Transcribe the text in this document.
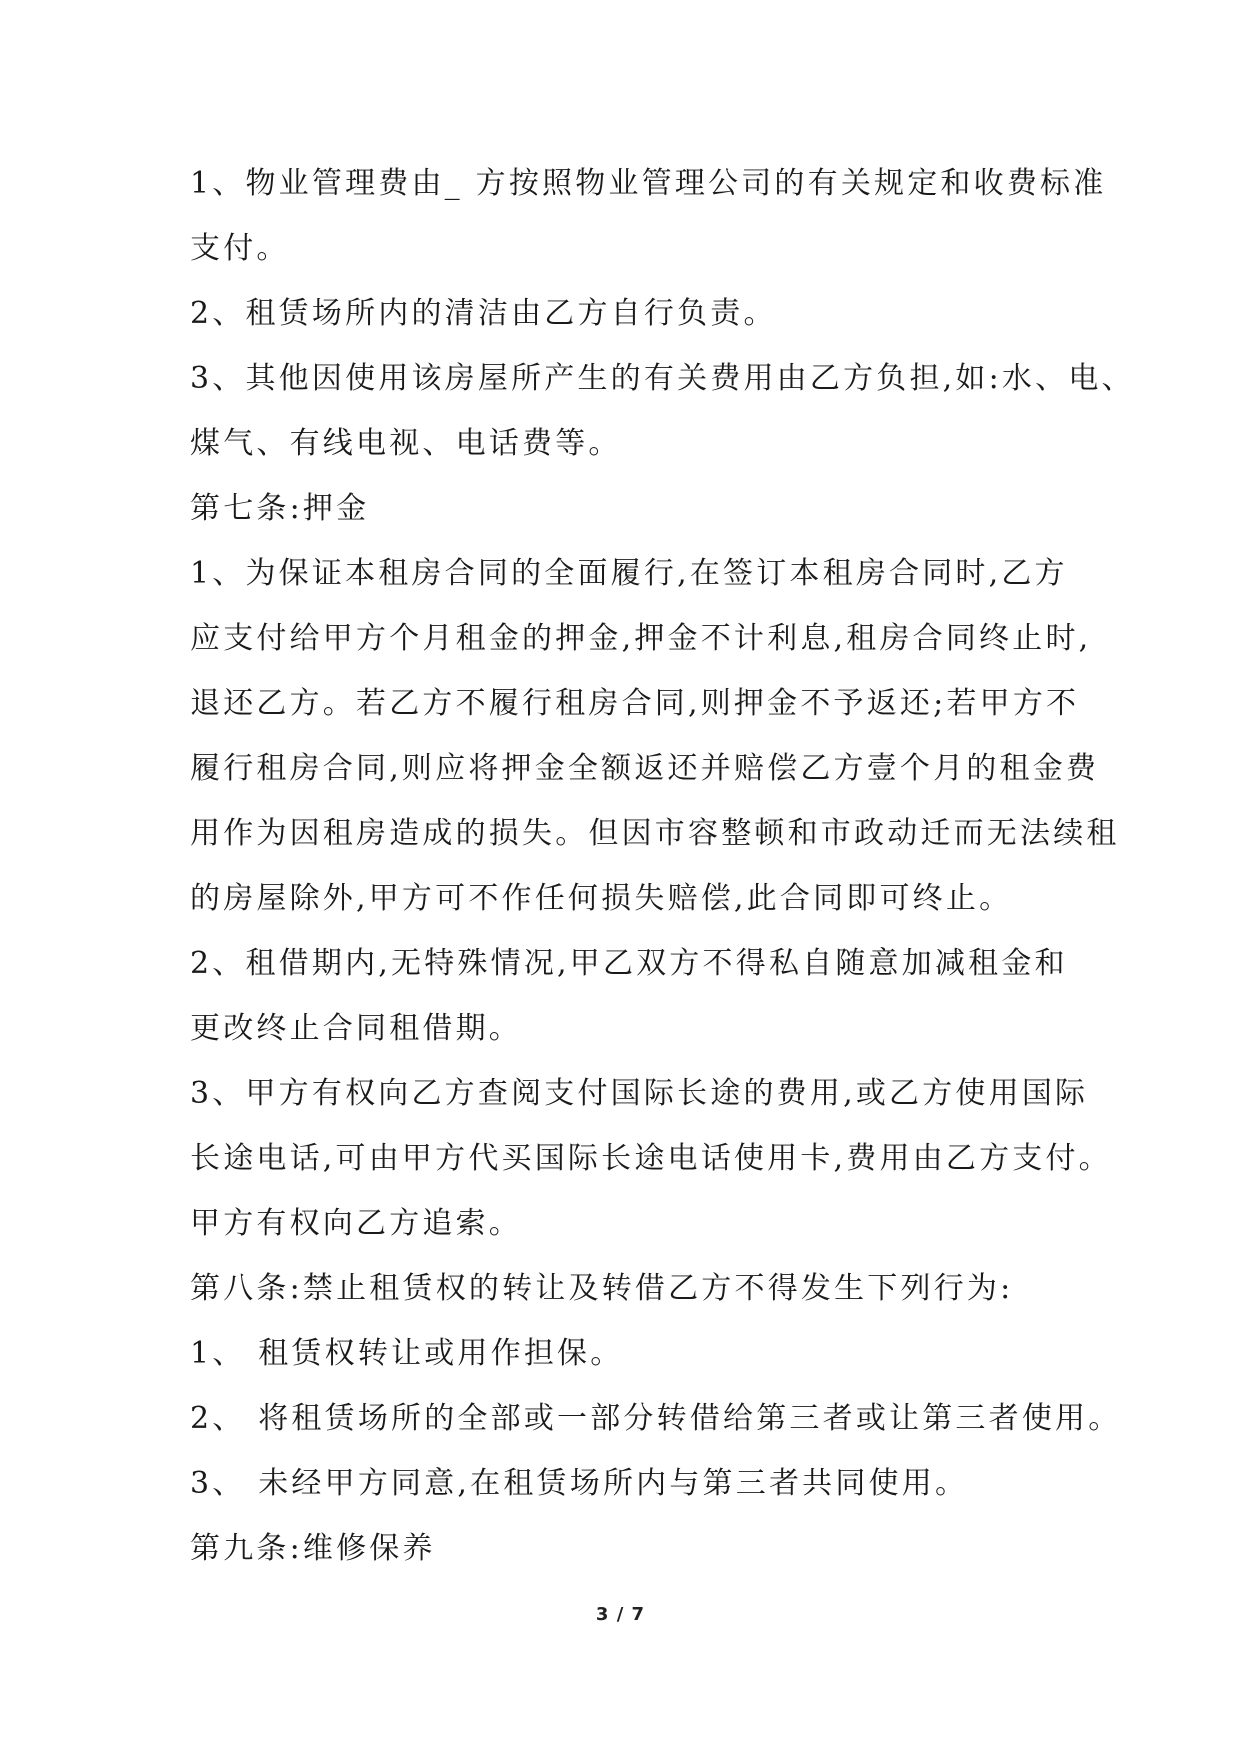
1、物业管理费由_ 方按照物业管理公司的有关规定和收费标准
支付。
2、租赁场所内的清洁由乙方自行负责。
3、其他因使用该房屋所产生的有关费用由乙方负担,如:水、电、
煤气、有线电视、电话费等。
第七条:押金
1、为保证本租房合同的全面履行,在签订本租房合同时,乙方
应支付给甲方个月租金的押金,押金不计利息,租房合同终止时,
退还乙方。若乙方不履行租房合同,则押金不予返还;若甲方不
履行租房合同,则应将押金全额返还并赔偿乙方壹个月的租金费
用作为因租房造成的损失。但因市容整顿和市政动迁而无法续租
的房屋除外,甲方可不作任何损失赔偿,此合同即可终止。
2、租借期内,无特殊情况,甲乙双方不得私自随意加减租金和
更改终止合同租借期。
3、甲方有权向乙方查阅支付国际长途的费用,或乙方使用国际
长途电话,可由甲方代买国际长途电话使用卡,费用由乙方支付。
甲方有权向乙方追索。
第八条:禁止租赁权的转让及转借乙方不得发生下列行为:
1、 租赁权转让或用作担保。
2、 将租赁场所的全部或一部分转借给第三者或让第三者使用。
3、 未经甲方同意,在租赁场所内与第三者共同使用。
第九条:维修保养
3 / 7
